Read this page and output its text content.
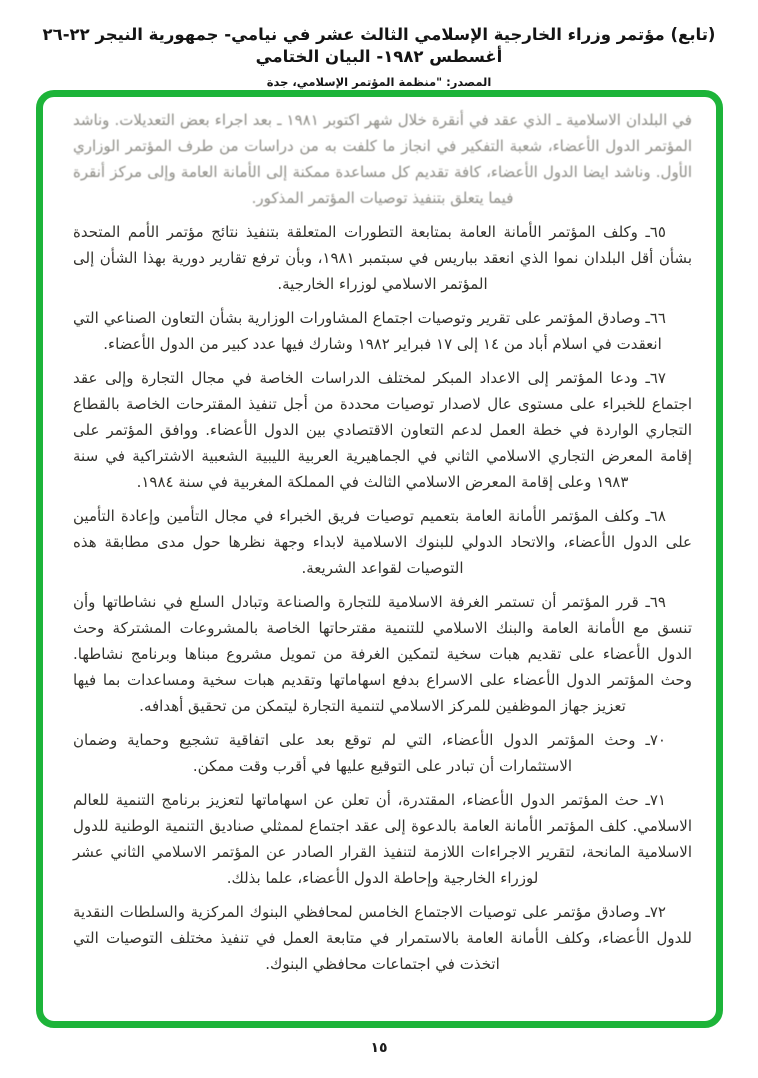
(تابع) مؤتمر وزراء الخارجية الإسلامي الثالث عشر في نيامي- جمهورية النيجر ٢٢-٢٦ أغسطس ١٩٨٢- البيان الختامي
المصدر: "منظمة المؤتمر الإسلامي، جدة

في البلدان الاسلامية ـ الذي عقد في أنقرة خلال شهر اكتوبر ١٩٨١ ـ بعد اجراء بعض التعديلات. وناشد المؤتمر الدول الأعضاء، شعبة التفكير في انجاز ما كلفت به من دراسات من طرف المؤتمر الوزاري الأول. وناشد ايضا الدول الأعضاء، كافة تقديم كل مساعدة ممكنة إلى الأمانة العامة وإلى مركز أنقرة فيما يتعلق بتنفيذ توصيات المؤتمر المذكور.

٦٥ـ وكلف المؤتمر الأمانة العامة بمتابعة التطورات المتعلقة بتنفيذ نتائج مؤتمر الأمم المتحدة بشأن أقل البلدان نموا الذي انعقد بباريس في سبتمبر ١٩٨١، وبأن ترفع تقارير دورية بهذا الشأن إلى المؤتمر الاسلامي لوزراء الخارجية.

٦٦ـ وصادق المؤتمر على تقرير وتوصيات اجتماع المشاورات الوزارية بشأن التعاون الصناعي التي انعقدت في اسلام أباد من ١٤ إلى ١٧ فبراير ١٩٨٢ وشارك فيها عدد كبير من الدول الأعضاء.

٦٧ـ ودعا المؤتمر إلى الاعداد المبكر لمختلف الدراسات الخاصة في مجال التجارة وإلى عقد اجتماع للخبراء على مستوى عال لاصدار توصيات محددة من أجل تنفيذ المقترحات الخاصة بالقطاع التجاري الواردة في خطة العمل لدعم التعاون الاقتصادي بين الدول الأعضاء. ووافق المؤتمر على إقامة المعرض التجاري الاسلامي الثاني في الجماهيرية العربية الليبية الشعبية الاشتراكية في سنة ١٩٨٣ وعلى إقامة المعرض الاسلامي الثالث في المملكة المغربية في سنة ١٩٨٤.

٦٨ـ وكلف المؤتمر الأمانة العامة بتعميم توصيات فريق الخبراء في مجال التأمين وإعادة التأمين على الدول الأعضاء، والاتحاد الدولي للبنوك الاسلامية لابداء وجهة نظرها حول مدى مطابقة هذه التوصيات لقواعد الشريعة.

٦٩ـ قرر المؤتمر أن تستمر الغرفة الاسلامية للتجارة والصناعة وتبادل السلع في نشاطاتها وأن تنسق مع الأمانة العامة والبنك الاسلامي للتنمية مقترحاتها الخاصة بالمشروعات المشتركة وحث الدول الأعضاء على تقديم هبات سخية لتمكين الغرفة من تمويل مشروع مبناها وبرنامج نشاطها. وحث المؤتمر الدول الأعضاء على الاسراع بدفع اسهاماتها وتقديم هبات سخية ومساعدات بما فيها تعزيز جهاز الموظفين للمركز الاسلامي لتنمية التجارة ليتمكن من تحقيق أهدافه.

٧٠ـ وحث المؤتمر الدول الأعضاء، التي لم توقع بعد على اتفاقية تشجيع وحماية وضمان الاستثمارات أن تبادر على التوقيع عليها في أقرب وقت ممكن.

٧١ـ حث المؤتمر الدول الأعضاء، المقتدرة، أن تعلن عن اسهاماتها لتعزيز برنامج التنمية للعالم الاسلامي. كلف المؤتمر الأمانة العامة بالدعوة إلى عقد اجتماع لممثلي صناديق التنمية الوطنية للدول الاسلامية المانحة، لتقرير الاجراءات اللازمة لتنفيذ القرار الصادر عن المؤتمر الاسلامي الثاني عشر لوزراء الخارجية وإحاطة الدول الأعضاء، علما بذلك.

٧٢ـ وصادق مؤتمر على توصيات الاجتماع الخامس لمحافظي البنوك المركزية والسلطات النقدية للدول الأعضاء، وكلف الأمانة العامة بالاستمرار في متابعة العمل في تنفيذ مختلف التوصيات التي اتخذت في اجتماعات محافظي البنوك.

١٥
